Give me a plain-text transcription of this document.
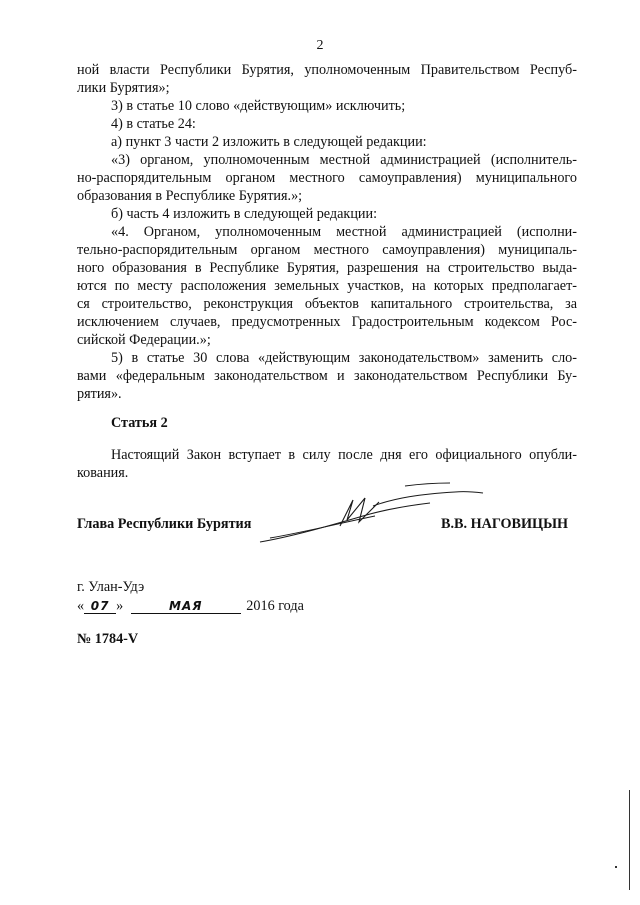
2
ной власти Республики Бурятия, уполномоченным Правительством Респуб-
лики Бурятия»;
3) в статье 10 слово «действующим» исключить;
4) в статье 24:
а) пункт 3 части 2 изложить в следующей редакции:
«3) органом, уполномоченным местной администрацией (исполнитель-
но-распорядительным органом местного самоуправления) муниципального
образования в Республике Бурятия.»;
б) часть 4 изложить в следующей редакции:
«4. Органом, уполномоченным местной администрацией (исполни-
тельно-распорядительным органом местного самоуправления) муниципаль-
ного образования в Республике Бурятия, разрешения на строительство выда-
ются по месту расположения земельных участков, на которых предполагает-
ся строительство, реконструкция объектов капитального строительства, за
исключением случаев, предусмотренных Градостроительным кодексом Рос-
сийской Федерации.»;
5) в статье 30 слова «действующим законодательством» заменить сло-
вами «федеральным законодательством и законодательством Республики Бу-
рятия».
Статья 2
Настоящий Закон вступает в силу после дня его официального опубли-
кования.
Глава Республики Бурятия	В.В. НАГОВИЦЫН
г. Улан-Удэ
« 07 »	МАЯ	2016 года
№ 1784-V
